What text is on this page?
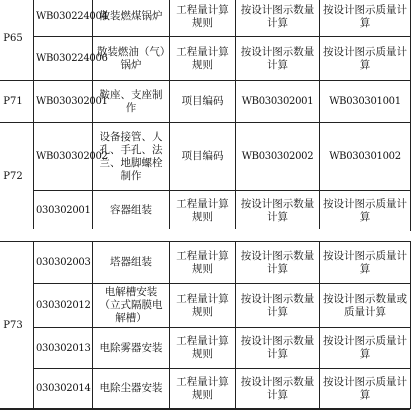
P65	WB030224004	散装燃煤锅炉	工程量计算规则	按设计图示数量计算	按设计图示质量计算
	WB030224006	散装燃油（气）锅炉	工程量计算规则	按设计图示数量计算	按设计图示质量计算
P71	WB030302001	鞍座、支座制作	项目编码	WB030302001	WB030301001
P72	WB030302002	设备接管、人孔、手孔、法兰、地脚螺栓制作	项目编码	WB030302002	WB030301002
	030302001	容器组装	工程量计算规则	按设计图示数量计算	按设计图示质量计算
P73	030302003	塔器组装	工程量计算规则	按设计图示数量计算	按设计图示质量计算
	030302012	电解槽安装（立式隔膜电解槽）	工程量计算规则	按设计图示数量计算	按设计图示数量或质量计算
	030302013	电除雾器安装	工程量计算规则	按设计图示数量计算	按设计图示质量计算
	030302014	电除尘器安装	工程量计算规则	按设计图示数量计算	按设计图示质量计算
